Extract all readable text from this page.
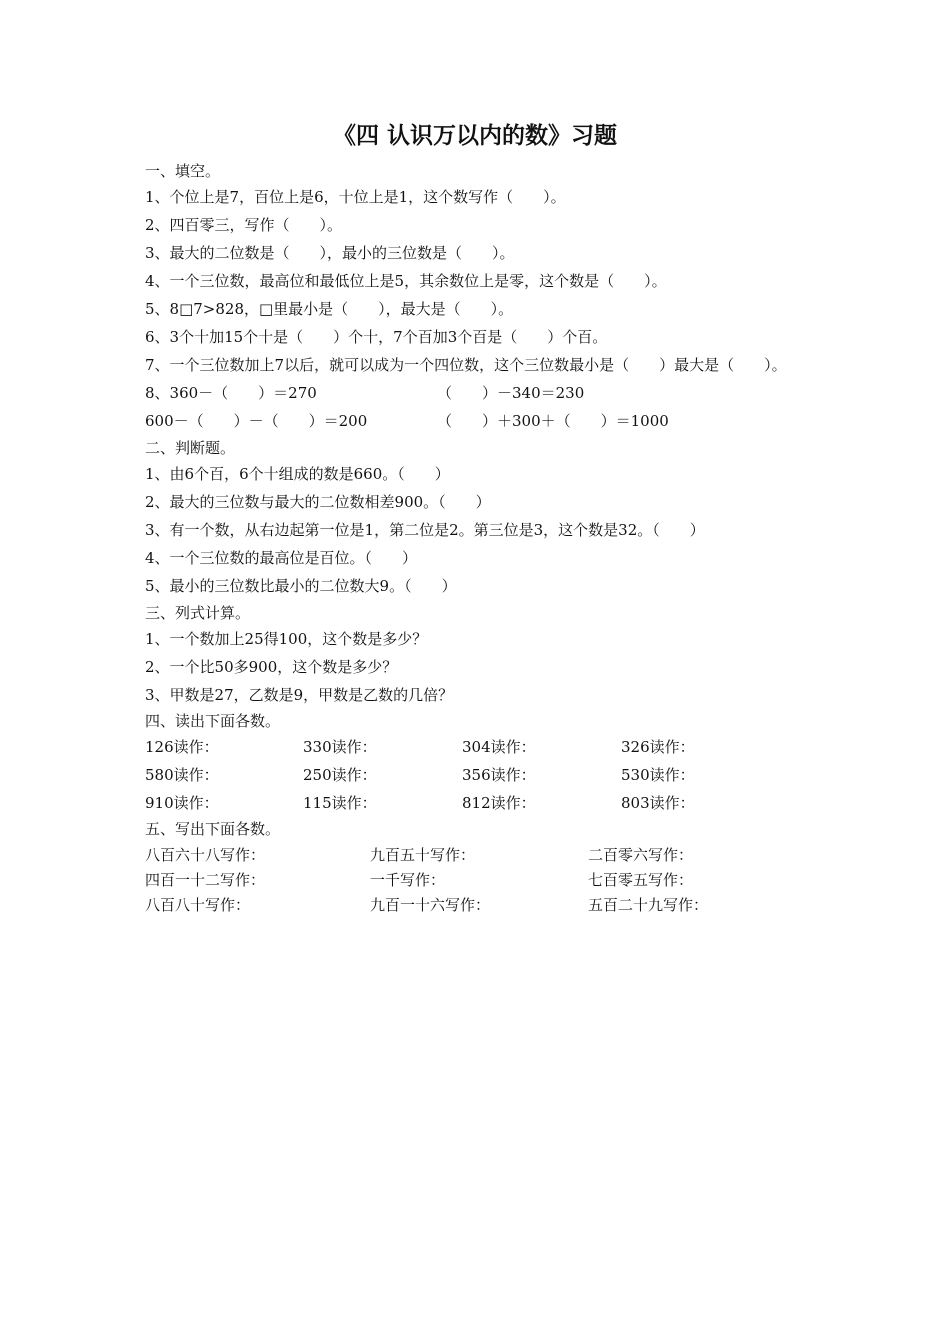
《四 认识万以内的数》习题

一、填空。

1、个位上是7，百位上是6，十位上是1，这个数写作（　　）。

2、四百零三，写作（　　）。

3、最大的二位数是（　　），最小的三位数是（　　）。

4、一个三位数，最高位和最低位上是5，其余数位上是零，这个数是（　　）。

5、8□7>828，□里最小是（　　），最大是（　　）。

6、3个十加15个十是（　　）个十，7个百加3个百是（　　）个百。

7、一个三位数加上7以后，就可以成为一个四位数，这个三位数最小是（　　）最大是（　　）。

8、360－（　　）＝270	（　　）－340＝230

600－（　　）－（　　）＝200	（　　）＋300＋（　　）＝1000

二、判断题。

1、由6个百，6个十组成的数是660。（　　）

2、最大的三位数与最大的二位数相差900。（　　）

3、有一个数，从右边起第一位是1，第二位是2。第三位是3，这个数是32。（　　）

4、一个三位数的最高位是百位。（　　）

5、最小的三位数比最小的二位数大9。（　　）

三、列式计算。

1、一个数加上25得100，这个数是多少？

2、一个比50多900，这个数是多少？

3、甲数是27，乙数是9，甲数是乙数的几倍？

四、读出下面各数。

126读作：	330读作：	304读作：	326读作：
580读作：	250读作：	356读作：	530读作：
910读作：	115读作：	812读作：	803读作：

五、写出下面各数。

八百六十八写作：	九百五十写作：	二百零六写作：
四百一十二写作：	一千写作：	七百零五写作：
八百八十写作：	九百一十六写作：	五百二十九写作：
